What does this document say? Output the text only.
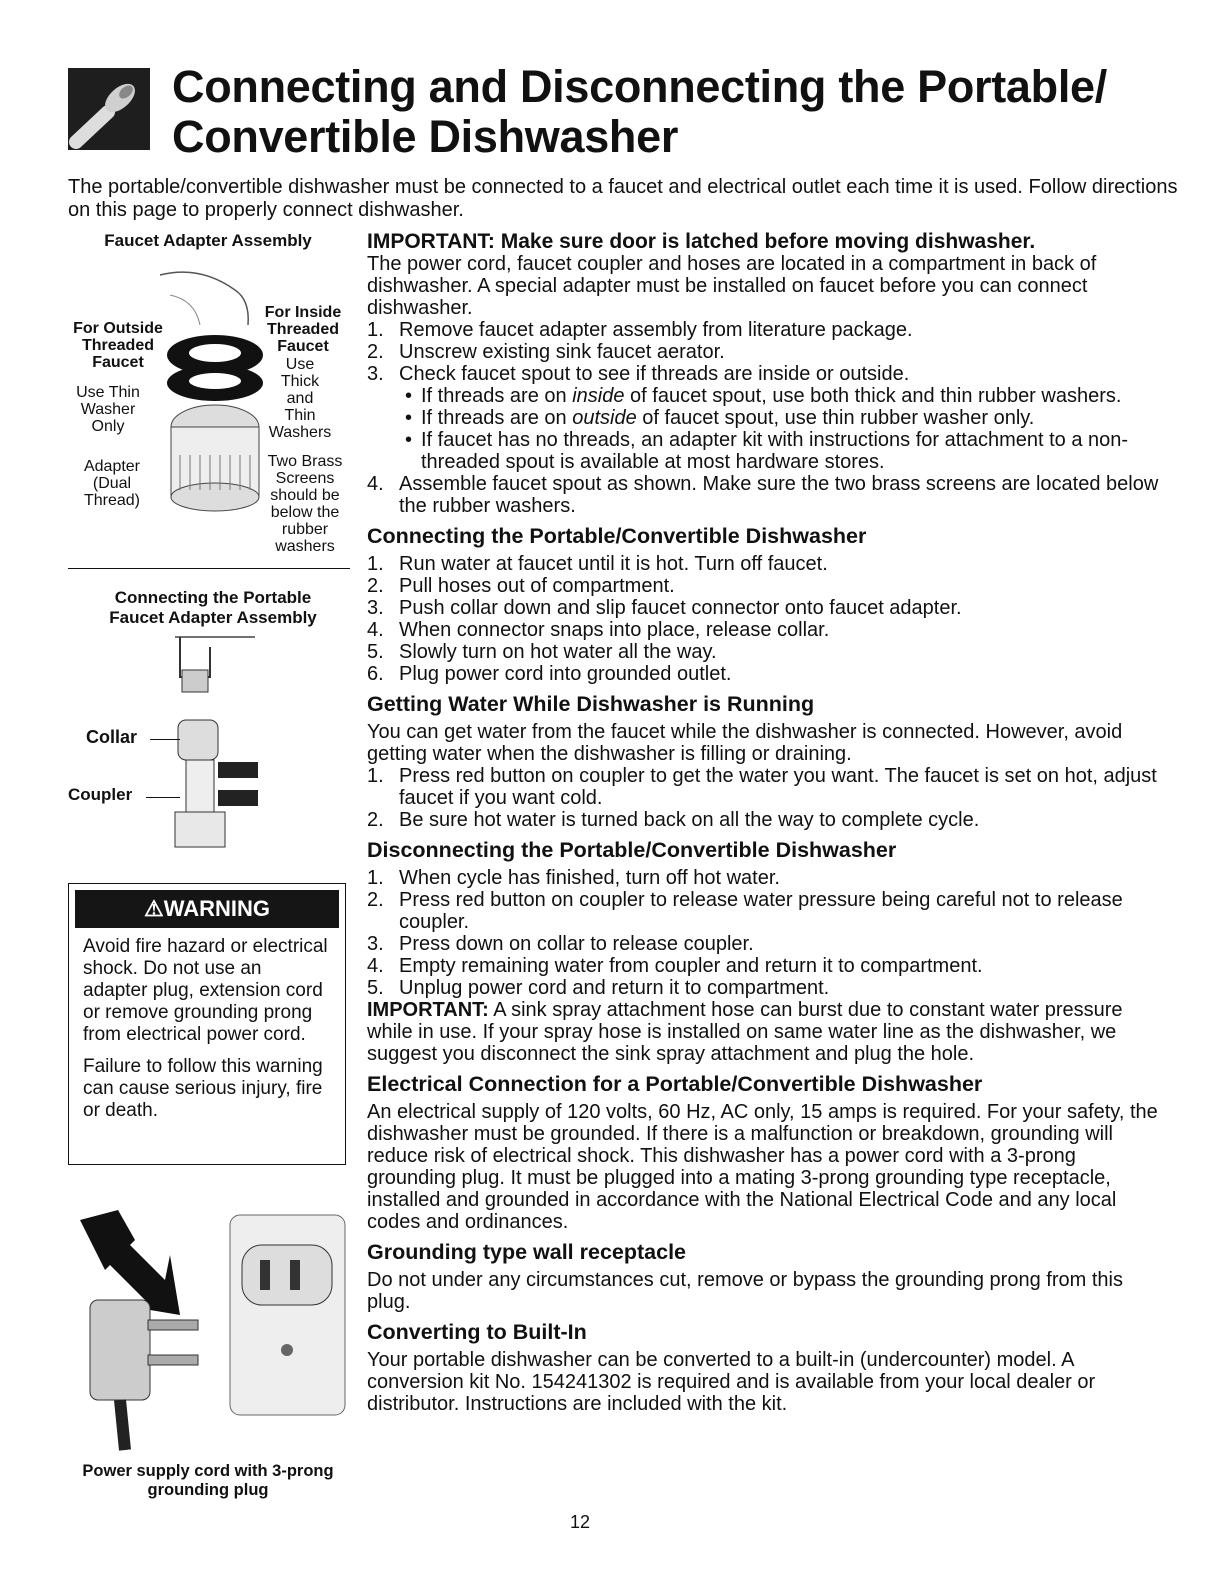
Connecting and Disconnecting the Portable/
Convertible Dishwasher
The portable/convertible dishwasher must be connected to a faucet and electrical outlet each time it is used. Follow directions on this page to properly connect dishwasher.
Faucet Adapter Assembly
For Outside
Threaded
Faucet
Use Thin
Washer
Only
Adapter
(Dual
Thread)
For Inside
Threaded
Faucet
Use
Thick
and
Thin
Washers
Two Brass
Screens
should be
below the
rubber
washers
Connecting the Portable
Faucet Adapter Assembly
Collar
Coupler
⚠WARNING

Avoid fire hazard or electrical shock. Do not use an adapter plug, extension cord or remove grounding prong from electrical power cord.

Failure to follow this warning can cause serious injury, fire or death.

Power supply cord with 3-prong
grounding plug
IMPORTANT: Make sure door is latched before moving dishwasher.
The power cord, faucet coupler and hoses are located in a compartment in back of dishwasher. A special adapter must be installed on faucet before you can connect dishwasher.
1. Remove faucet adapter assembly from literature package.
2. Unscrew existing sink faucet aerator.
3. Check faucet spout to see if threads are inside or outside.
• If threads are on inside of faucet spout, use both thick and thin rubber washers.
• If threads are on outside of faucet spout, use thin rubber washer only.
• If faucet has no threads, an adapter kit with instructions for attachment to a non-threaded spout is available at most hardware stores.
4. Assemble faucet spout as shown. Make sure the two brass screens are located below the rubber washers.
Connecting the Portable/Convertible Dishwasher
1. Run water at faucet until it is hot. Turn off faucet.
2. Pull hoses out of compartment.
3. Push collar down and slip faucet connector onto faucet adapter.
4. When connector snaps into place, release collar.
5. Slowly turn on hot water all the way.
6. Plug power cord into grounded outlet.
Getting Water While Dishwasher is Running
You can get water from the faucet while the dishwasher is connected. However, avoid getting water when the dishwasher is filling or draining.
1. Press red button on coupler to get the water you want. The faucet is set on hot, adjust faucet if you want cold.
2. Be sure hot water is turned back on all the way to complete cycle.
Disconnecting the Portable/Convertible Dishwasher
1. When cycle has finished, turn off hot water.
2. Press red button on coupler to release water pressure being careful not to release coupler.
3. Press down on collar to release coupler.
4. Empty remaining water from coupler and return it to compartment.
5. Unplug power cord and return it to compartment.
IMPORTANT: A sink spray attachment hose can burst due to constant water pressure while in use. If your spray hose is installed on same water line as the dishwasher, we suggest you disconnect the sink spray attachment and plug the hole.
Electrical Connection for a Portable/Convertible Dishwasher
An electrical supply of 120 volts, 60 Hz, AC only, 15 amps is required. For your safety, the dishwasher must be grounded. If there is a malfunction or breakdown, grounding will reduce risk of electrical shock. This dishwasher has a power cord with a 3-prong grounding plug. It must be plugged into a mating 3-prong grounding type receptacle, installed and grounded in accordance with the National Electrical Code and any local codes and ordinances.
Grounding type wall receptacle
Do not under any circumstances cut, remove or bypass the grounding prong from this plug.
Converting to Built-In
Your portable dishwasher can be converted to a built-in (undercounter) model. A conversion kit No. 154241302 is required and is available from your local dealer or distributor. Instructions are included with the kit.
12
